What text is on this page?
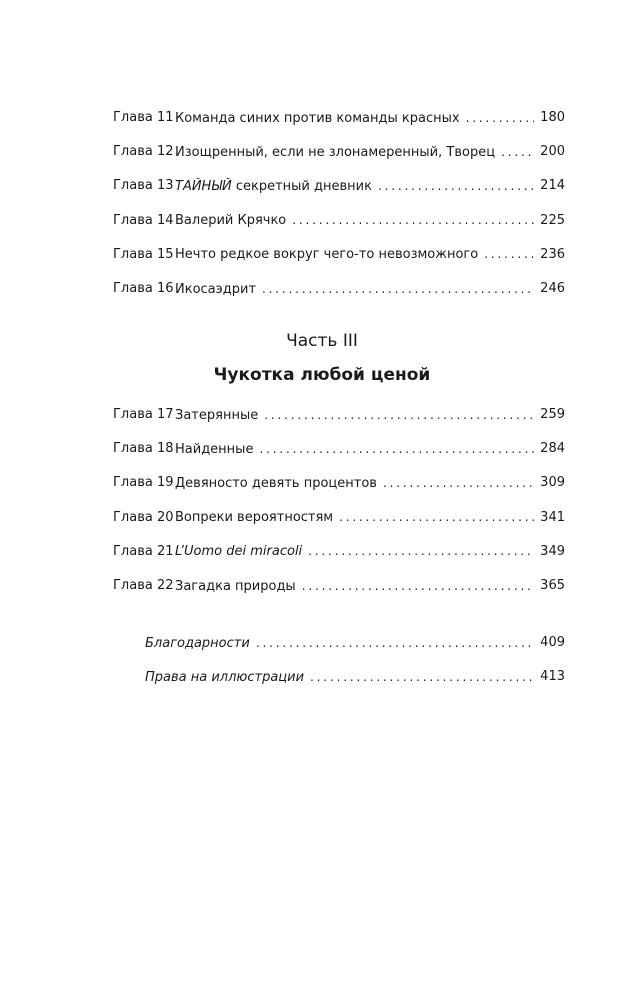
Глава 11 Команда синих против команды красных . . .	180
Глава 12 Изощренный, если не злонамеренный, Творец . . .	200
Глава 13 ТАЙНЫЙ секретный дневник . . .	214
Глава 14 Валерий Крячко . . .	225
Глава 15 Нечто редкое вокруг чего-то невозможного . . .	236
Глава 16 Икосаэдрит . . .	246
Часть III
Чукотка любой ценой
Глава 17 Затерянные . . .	259
Глава 18 Найденные . . .	284
Глава 19 Девяносто девять процентов . . .	309
Глава 20 Вопреки вероятностям . . .	341
Глава 21 L’Uomo dei miracoli . . .	349
Глава 22 Загадка природы . . .	365
Благодарности . . .	409
Права на иллюстрации . . .	413
